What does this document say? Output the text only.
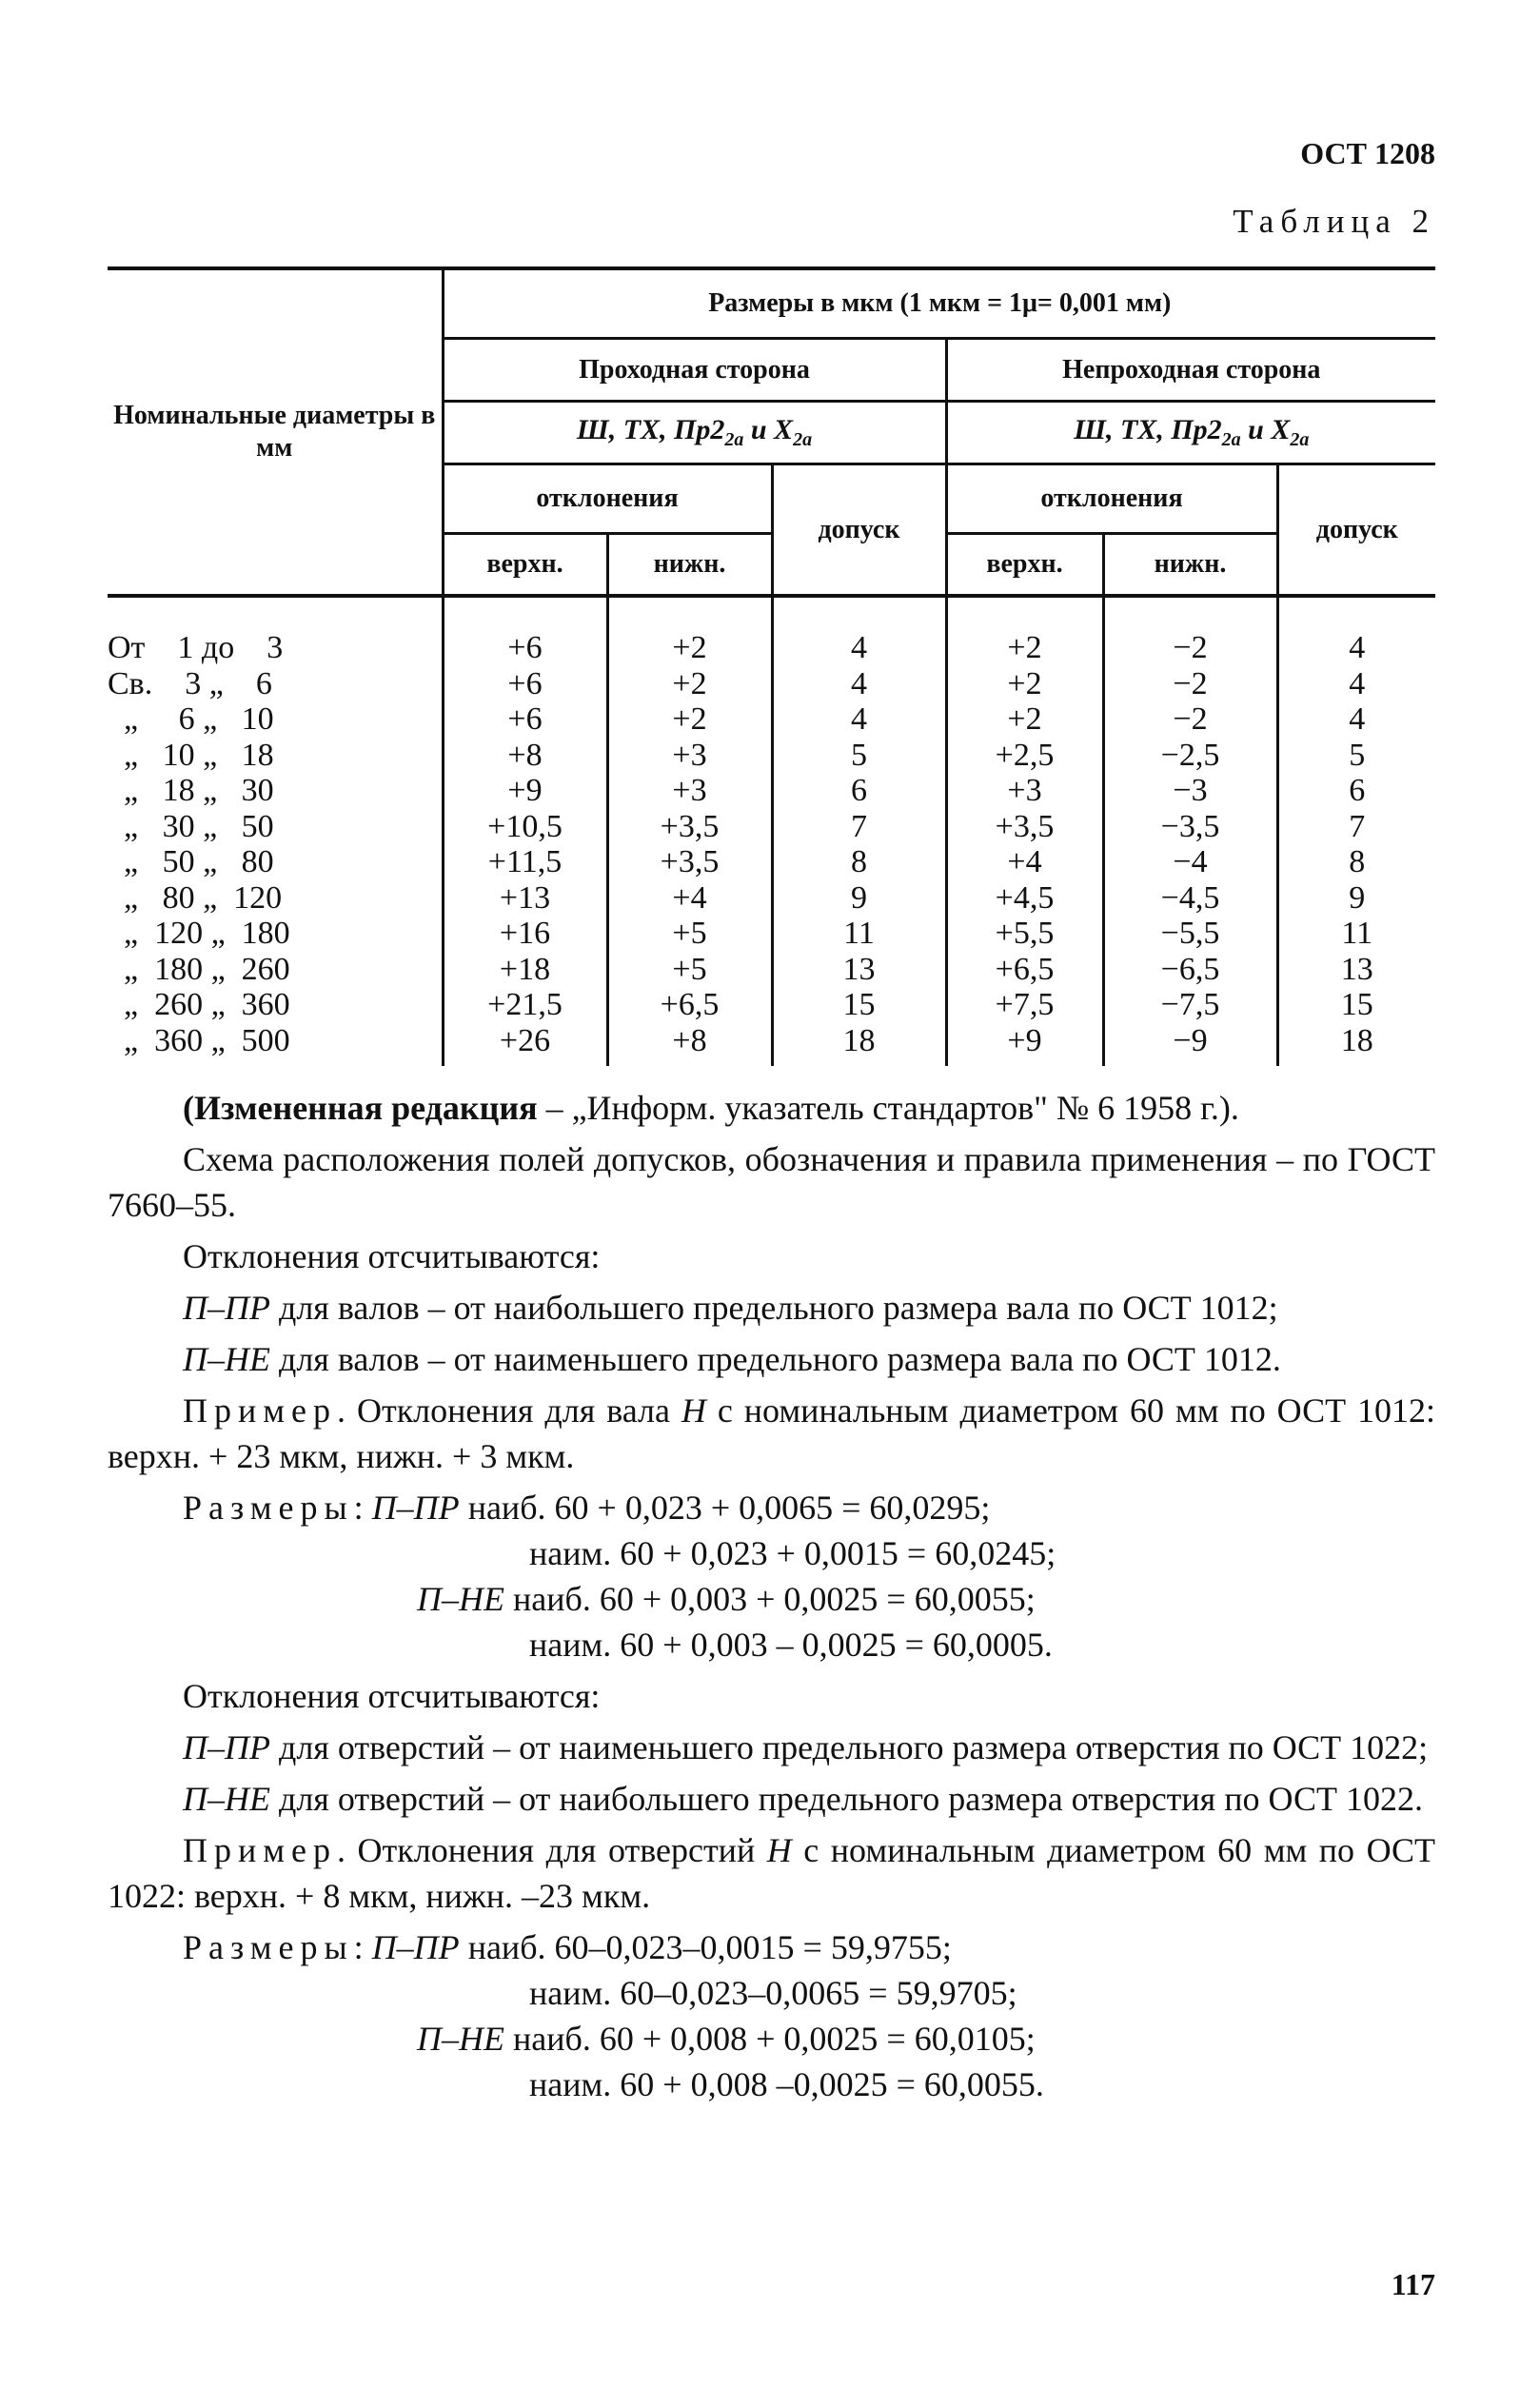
ОСТ 1208
Таблица 2
Номинальные диаметры в мм	Размеры в мкм (1 мкм = 1μ= 0,001 мм)					
	Проходная сторона			Непроходная сторона		
	Ш, ТХ, $Пр2_{2а}$ и $Х_{2а}$			Ш, ТХ, $Пр2_{2а}$ и $Х_{2а}$
	отклонения		допуск	отклонения		допуск
	верхн.	нижн.		верхн.	нижн.	

От    1 до    3	+6	+2	4	+2	−2	4
Св.    3 „    6	+6	+2	4	+2	−2	4
„     6 „   10	+6	+2	4	+2	−2	4
„   10 „   18	+8	+3	5	+2,5	−2,5	5
„   18 „   30	+9	+3	6	+3	−3	6
„   30 „   50	+10,5	+3,5	7	+3,5	−3,5	7
„   50 „   80	+11,5	+3,5	8	+4	−4	8
„   80 „  120	+13	+4	9	+4,5	−4,5	9
„  120 „  180	+16	+5	11	+5,5	−5,5	11
„  180 „  260	+18	+5	13	+6,5	−6,5	13
„  260 „  360	+21,5	+6,5	15	+7,5	−7,5	15
„  360 „  500	+26	+8	18	+9	−9	18

(Измененная редакция – „Информ. указатель стандартов" № 6 1958 г.).

Схема расположения полей допусков, обозначения и правила применения – по ГОСТ 7660–55.

Отклонения отсчитываются:

П–ПР для валов – от наибольшего предельного размера вала по ОСТ 1012;

П–НЕ для валов – от наименьшего предельного размера вала по ОСТ 1012.

Пример. Отклонения для вала Н с номинальным диаметром 60 мм по ОСТ 1012: верхн. + 23 мкм, нижн. + 3 мкм.

Размеры: П–ПР наиб. 60 + 0,023 + 0,0065 = 60,0295;
наим. 60 + 0,023 + 0,0015 = 60,0245;
П–НЕ наиб. 60 + 0,003 + 0,0025 = 60,0055;
наим. 60 + 0,003 – 0,0025 = 60,0005.

Отклонения отсчитываются:

П–ПР для отверстий – от наименьшего предельного размера отверстия по ОСТ 1022;

П–НЕ для отверстий – от наибольшего предельного размера отверстия по ОСТ 1022.

Пример. Отклонения для отверстий Н с номинальным диаметром 60 мм по ОСТ 1022: верхн. + 8 мкм, нижн. –23 мкм.

Размеры: П–ПР наиб. 60–0,023–0,0015 = 59,9755;
наим. 60–0,023–0,0065 = 59,9705;
П–НЕ наиб. 60 + 0,008 + 0,0025 = 60,0105;
наим. 60 + 0,008 –0,0025 = 60,0055.
117
